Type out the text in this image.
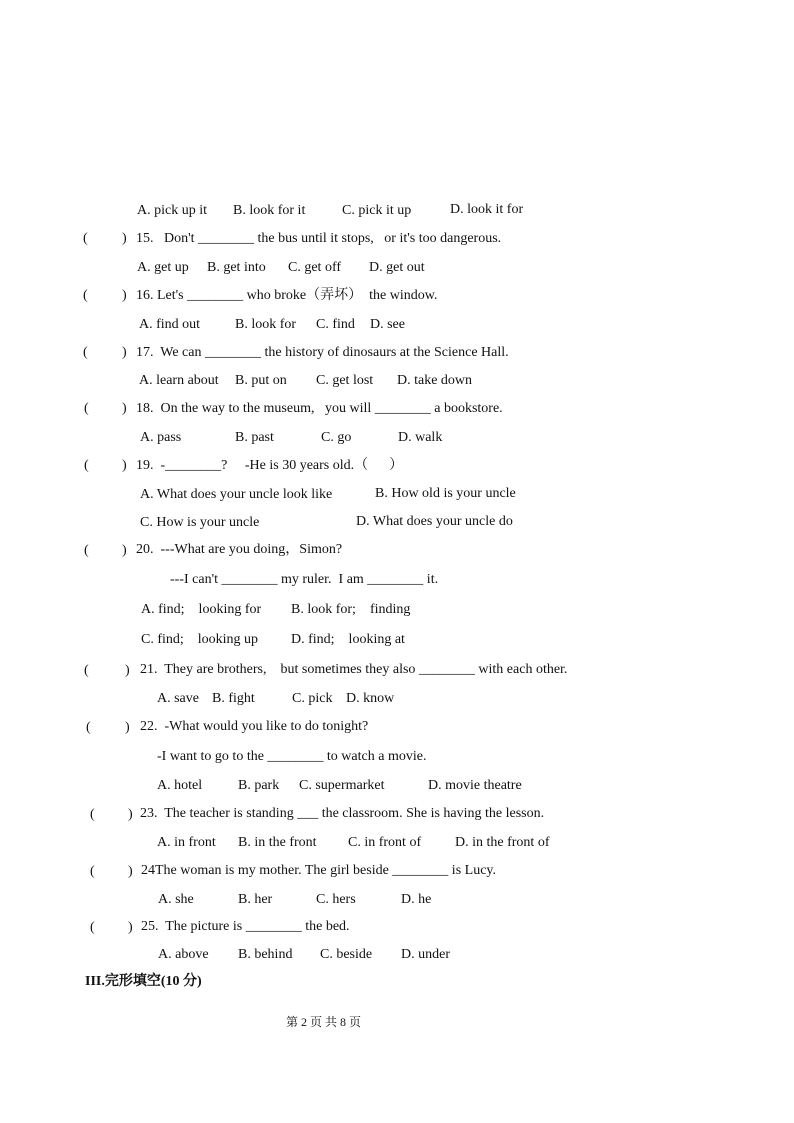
A. pick up it B. look for it	C. pick it up	D. look it for
( ) 15.   Don't ________ the bus until it stops,   or it's too dangerous.
A. get up B. get into C. get off D. get out
( ) 16. Let's ________ who broke（弄坏）  the window.
A. find out B. look for C. find D. see
( ) 17.  We can ________ the history of dinosaurs at the Science Hall.
A. learn about B. put on C. get lost D. take down
( ) 18.  On the way to the museum,   you will ________ a bookstore.
A. pass	B. past	C. go	D. walk
( ) 19.  -________?     -He is 30 years old.（      ）
A. What does your uncle look like	B. How old is your uncle
C. How is your uncle	D. What does your uncle do
( ) 20.  ---What are you doing，Simon?
---I can't ________ my ruler.  I am ________ it.
A. find;    looking for B. look for;    finding
C. find;    looking up D. find;    looking at
(	) 21.  They are brothers,    but sometimes they also ________ with each other.
A. save B. fight	C. pick D. know
( ) 22.  -What would you like to do tonight?
-I want to go to the ________ to watch a movie.
A. hotel	B. park C. supermarket	D. movie theatre
( ) 23.  The teacher is standing ___ the classroom. She is having the lesson.
A. in front B. in the front C. in front of D. in the front of
( ) 24The woman is my mother. The girl beside ________ is Lucy.
A. she	B. her	C. hers	D. he
( ) 25.  The picture is ________ the bed.
A. above B. behind C. beside D. under
III.完形填空(10 分)
第 2 页 共 8 页
